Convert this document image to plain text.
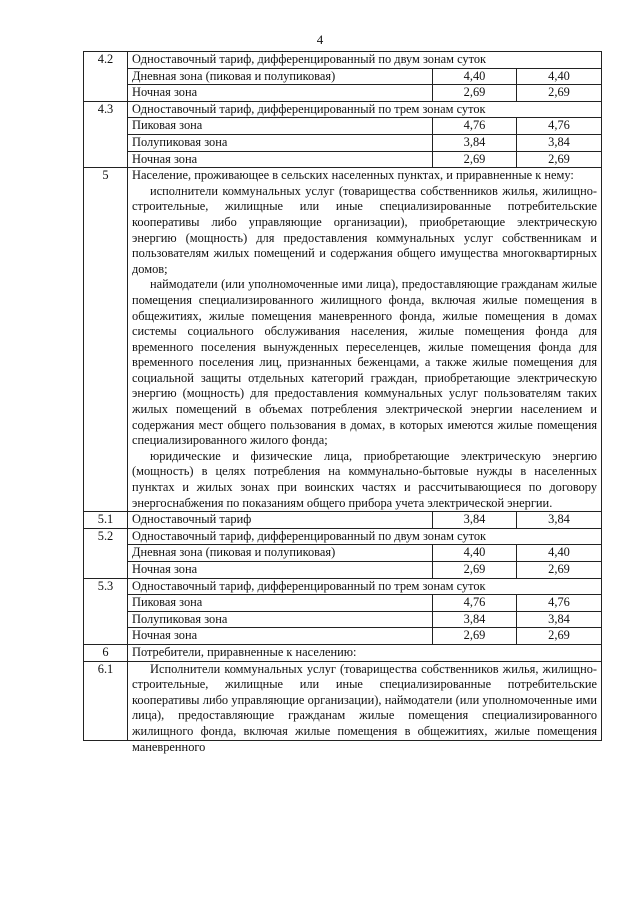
4
4.2	Одноставочный тариф, дифференцированный по двум зонам суток		
	Дневная зона (пиковая и полупиковая)	4,40	4,40
	Ночная зона	2,69	2,69
4.3	Одноставочный тариф, дифференцированный по трем зонам суток		
	Пиковая зона	4,76	4,76
	Полупиковая зона	3,84	3,84
	Ночная зона	2,69	2,69
5	Население, проживающее в сельских населенных пунктах, и приравненные к нему:

исполнители коммунальных услуг (товарищества собственников жилья, жилищно-строительные, жилищные или иные специализированные потребительские кооперативы либо управляющие организации), приобретающие электрическую энергию (мощность) для предоставления коммунальных услуг собственникам и пользователям жилых помещений и содержания общего имущества многоквартирных домов;

наймодатели (или уполномоченные ими лица), предоставляющие гражданам жилые помещения специализированного жилищного фонда, включая жилые помещения в общежитиях, жилые помещения маневренного фонда, жилые помещения в домах системы социального обслуживания населения, жилые помещения фонда для временного поселения вынужденных переселенцев, жилые помещения фонда для временного поселения лиц, признанных беженцами, а также жилые помещения для социальной защиты отдельных категорий граждан, приобретающие электрическую энергию (мощность) для предоставления коммунальных услуг пользователям таких жилых помещений в объемах потребления электрической энергии населением и содержания мест общего пользования в домах, в которых имеются жилые помещения специализированного жилого фонда;

юридические и физические лица, приобретающие электрическую энергию (мощность) в целях потребления на коммунально-бытовые нужды в населенных пунктах и жилых зонах при воинских частях и рассчитывающиеся по договору энергоснабжения по показаниям общего прибора учета электрической энергии.		

5.1	Одноставочный тариф	3,84	3,84
5.2	Одноставочный тариф, дифференцированный по двум зонам суток		
	Дневная зона (пиковая и полупиковая)	4,40	4,40
	Ночная зона	2,69	2,69
5.3	Одноставочный тариф, дифференцированный по трем зонам суток		
	Пиковая зона	4,76	4,76
	Полупиковая зона	3,84	3,84
	Ночная зона	2,69	2,69
6	Потребители, приравненные к населению:		
6.1	Исполнители коммунальных услуг (товарищества собственников жилья, жилищно-строительные, жилищные или иные специализированные потребительские кооперативы либо управляющие организации), наймодатели (или уполномоченные ими лица), предоставляющие гражданам жилые помещения специализированного жилищного фонда, включая жилые помещения в общежитиях, жилые помещения маневренного		
